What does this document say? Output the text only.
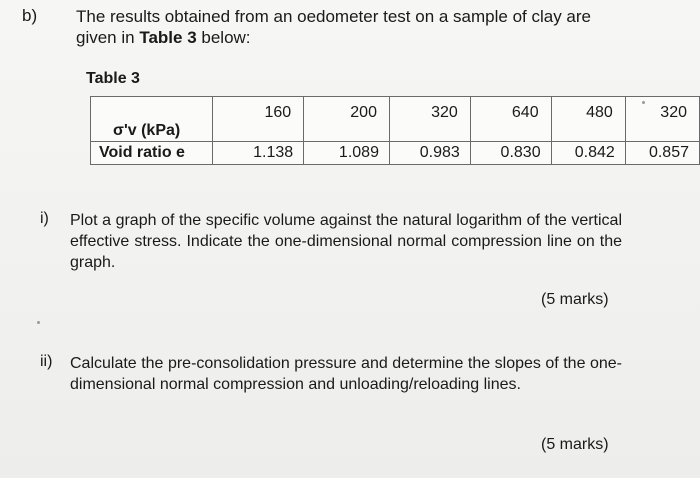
b) The results obtained from an oedometer test on a sample of clay are given in Table 3 below:
Table 3
σ'v (kPa)	160	200	320	640	480	320
Void ratio e	1.138	1.089	0.983	0.830	0.842	0.857
i) Plot a graph of the specific volume against the natural logarithm of the vertical effective stress. Indicate the one-dimensional normal compression line on the graph.
(5 marks)
ii) Calculate the pre-consolidation pressure and determine the slopes of the one-dimensional normal compression and unloading/reloading lines.
(5 marks)
